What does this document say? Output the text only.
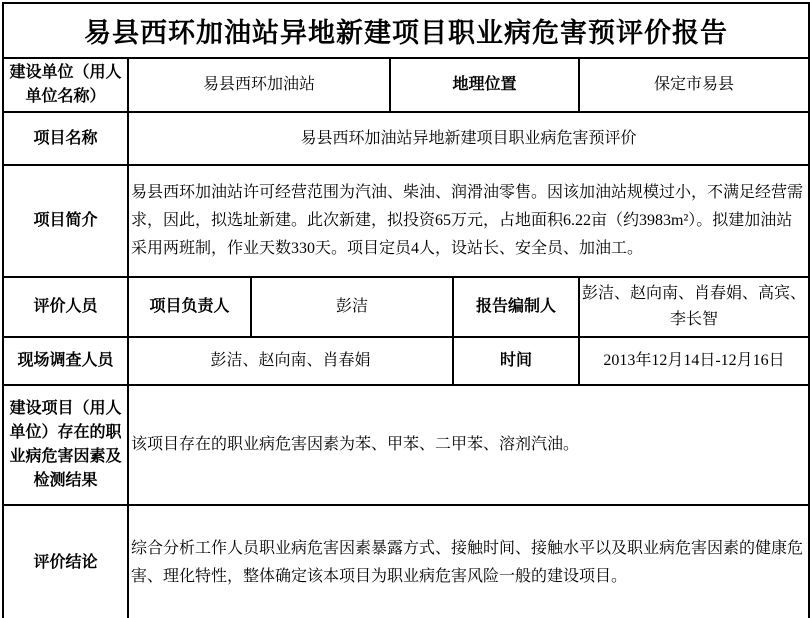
易县西环加油站异地新建项目职业病危害预评价报告					
建设单位（用人单位名称）	易县西环加油站		地理位置		保定市易县
项目名称	易县西环加油站异地新建项目职业病危害预评价				
项目简介	易县西环加油站许可经营范围为汽油、柴油、润滑油零售。因该加油站规模过小，不满足经营需求，因此，拟选址新建。此次新建，拟投资65万元，占地面积6.22亩（约3983m²）。拟建加油站采用两班制，作业天数330天。项目定员4人，设站长、安全员、加油工。				
评价人员	项目负责人	彭洁		报告编制人	彭洁、赵向南、肖春娟、高宾、李长智
现场调查人员	彭洁、赵向南、肖春娟			时间	2013年12月14日-12月16日
建设项目（用人单位）存在的职业病危害因素及检测结果	该项目存在的职业病危害因素为苯、甲苯、二甲苯、溶剂汽油。				
评价结论	综合分析工作人员职业病危害因素暴露方式、接触时间、接触水平以及职业病危害因素的健康危害、理化特性，整体确定该本项目为职业病危害风险一般的建设项目。				
